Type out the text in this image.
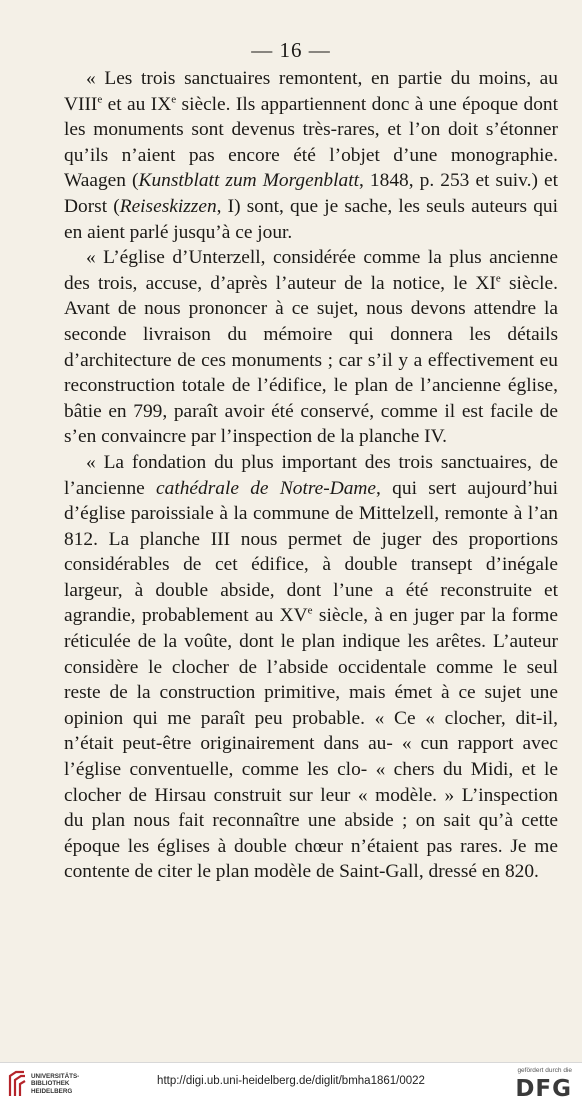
— 16 —

« Les trois sanctuaires remontent, en partie du moins, au VIIIe et au IXe siècle. Ils appartiennent donc à une époque dont les monuments sont devenus très-rares, et l’on doit s’étonner qu’ils n’aient pas encore été l’objet d’une monographie. Waagen (Kunstblatt zum Morgenblatt, 1848, p. 253 et suiv.) et Dorst (Reiseskizzen, I) sont, que je sache, les seuls auteurs qui en aient parlé jusqu’à ce jour.

« L’église d’Unterzell, considérée comme la plus ancienne des trois, accuse, d’après l’auteur de la notice, le XIe siècle. Avant de nous prononcer à ce sujet, nous devons attendre la seconde livraison du mémoire qui donnera les détails d’architecture de ces monuments ; car s’il y a effectivement eu reconstruction totale de l’édifice, le plan de l’ancienne église, bâtie en 799, paraît avoir été conservé, comme il est facile de s’en convaincre par l’inspection de la planche IV.

« La fondation du plus important des trois sanctuaires, de l’ancienne cathédrale de Notre-Dame, qui sert aujourd’hui d’église paroissiale à la commune de Mittelzell, remonte à l’an 812. La planche III nous permet de juger des proportions considérables de cet édifice, à double transept d’inégale largeur, à double abside, dont l’une a été reconstruite et agrandie, probablement au XVe siècle, à en juger par la forme réticulée de la voûte, dont le plan indique les arêtes. L’auteur considère le clocher de l’abside occidentale comme le seul reste de la construction primitive, mais émet à ce sujet une opinion qui me paraît peu probable. « Ce « clocher, dit-il, n’était peut-être originairement dans au- « cun rapport avec l’église conventuelle, comme les clo- « chers du Midi, et le clocher de Hirsau construit sur leur « modèle. » L’inspection du plan nous fait reconnaître une abside ; on sait qu’à cette époque les églises à double chœur n’étaient pas rares. Je me contente de citer le plan modèle de Saint-Gall, dressé en 820.

UNIVERSITÄTS-
BIBLIOTHEK
HEIDELBERG
http://digi.ub.uni-heidelberg.de/diglit/bmha1861/0022
gefördert durch die
DFG
